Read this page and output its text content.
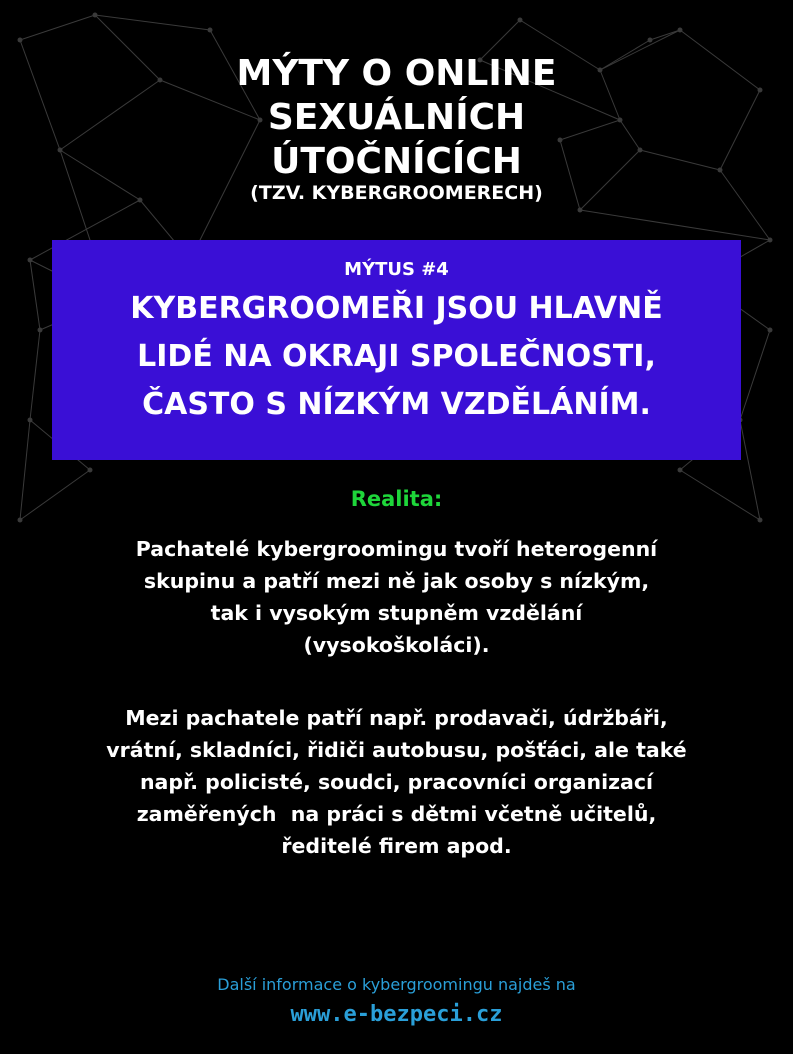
MÝTY O ONLINE
SEXUÁLNÍCH
ÚTOČNÍCÍCH
(TZV. KYBERGROOMERECH)
MÝTUS #4
KYBERGROOMEŘI JSOU HLAVNĚ
LIDÉ NA OKRAJI SPOLEČNOSTI,
ČASTO S NÍZKÝM VZDĚLÁNÍM.
Realita:
Pachatelé kybergroomingu tvoří heterogenní
skupinu a patří mezi ně jak osoby s nízkým,
tak i vysokým stupněm vzdělání
(vysokoškoláci).
Mezi pachatele patří např. prodavači, údržbáři,
vrátní, skladníci, řidiči autobusu, pošťáci, ale také
např. policisté, soudci, pracovníci organizací
zaměřených  na práci s dětmi včetně učitelů,
ředitelé firem apod.
Další informace o kybergroomingu najdeš na
www.e-bezpeci.cz
